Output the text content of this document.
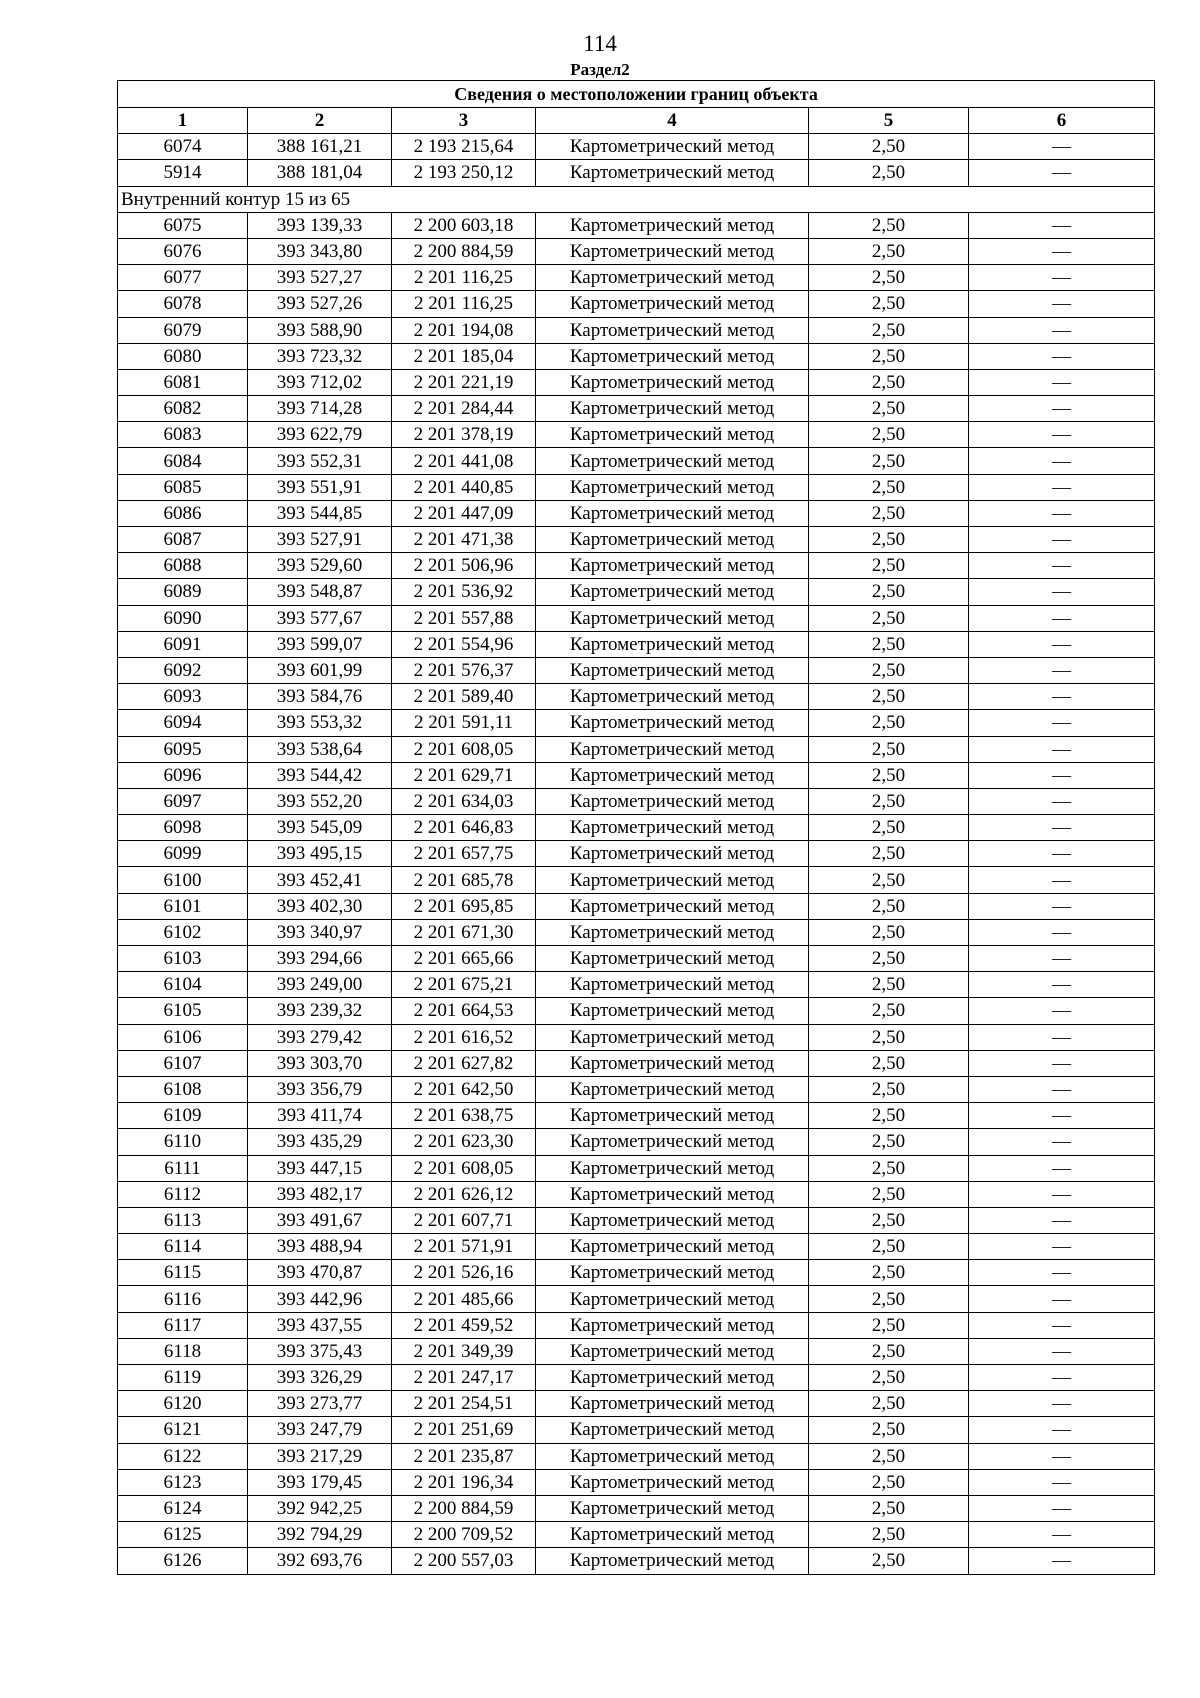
114
Раздел2
Сведения о местоположении границ объекта					
1	2	3	4	5	6
6074	388 161,21	2 193 215,64	Картометрический метод	2,50	—
5914	388 181,04	2 193 250,12	Картометрический метод	2,50	—
Внутренний контур 15 из 65					
6075	393 139,33	2 200 603,18	Картометрический метод	2,50	—
6076	393 343,80	2 200 884,59	Картометрический метод	2,50	—
6077	393 527,27	2 201 116,25	Картометрический метод	2,50	—
6078	393 527,26	2 201 116,25	Картометрический метод	2,50	—
6079	393 588,90	2 201 194,08	Картометрический метод	2,50	—
6080	393 723,32	2 201 185,04	Картометрический метод	2,50	—
6081	393 712,02	2 201 221,19	Картометрический метод	2,50	—
6082	393 714,28	2 201 284,44	Картометрический метод	2,50	—
6083	393 622,79	2 201 378,19	Картометрический метод	2,50	—
6084	393 552,31	2 201 441,08	Картометрический метод	2,50	—
6085	393 551,91	2 201 440,85	Картометрический метод	2,50	—
6086	393 544,85	2 201 447,09	Картометрический метод	2,50	—
6087	393 527,91	2 201 471,38	Картометрический метод	2,50	—
6088	393 529,60	2 201 506,96	Картометрический метод	2,50	—
6089	393 548,87	2 201 536,92	Картометрический метод	2,50	—
6090	393 577,67	2 201 557,88	Картометрический метод	2,50	—
6091	393 599,07	2 201 554,96	Картометрический метод	2,50	—
6092	393 601,99	2 201 576,37	Картометрический метод	2,50	—
6093	393 584,76	2 201 589,40	Картометрический метод	2,50	—
6094	393 553,32	2 201 591,11	Картометрический метод	2,50	—
6095	393 538,64	2 201 608,05	Картометрический метод	2,50	—
6096	393 544,42	2 201 629,71	Картометрический метод	2,50	—
6097	393 552,20	2 201 634,03	Картометрический метод	2,50	—
6098	393 545,09	2 201 646,83	Картометрический метод	2,50	—
6099	393 495,15	2 201 657,75	Картометрический метод	2,50	—
6100	393 452,41	2 201 685,78	Картометрический метод	2,50	—
6101	393 402,30	2 201 695,85	Картометрический метод	2,50	—
6102	393 340,97	2 201 671,30	Картометрический метод	2,50	—
6103	393 294,66	2 201 665,66	Картометрический метод	2,50	—
6104	393 249,00	2 201 675,21	Картометрический метод	2,50	—
6105	393 239,32	2 201 664,53	Картометрический метод	2,50	—
6106	393 279,42	2 201 616,52	Картометрический метод	2,50	—
6107	393 303,70	2 201 627,82	Картометрический метод	2,50	—
6108	393 356,79	2 201 642,50	Картометрический метод	2,50	—
6109	393 411,74	2 201 638,75	Картометрический метод	2,50	—
6110	393 435,29	2 201 623,30	Картометрический метод	2,50	—
6111	393 447,15	2 201 608,05	Картометрический метод	2,50	—
6112	393 482,17	2 201 626,12	Картометрический метод	2,50	—
6113	393 491,67	2 201 607,71	Картометрический метод	2,50	—
6114	393 488,94	2 201 571,91	Картометрический метод	2,50	—
6115	393 470,87	2 201 526,16	Картометрический метод	2,50	—
6116	393 442,96	2 201 485,66	Картометрический метод	2,50	—
6117	393 437,55	2 201 459,52	Картометрический метод	2,50	—
6118	393 375,43	2 201 349,39	Картометрический метод	2,50	—
6119	393 326,29	2 201 247,17	Картометрический метод	2,50	—
6120	393 273,77	2 201 254,51	Картометрический метод	2,50	—
6121	393 247,79	2 201 251,69	Картометрический метод	2,50	—
6122	393 217,29	2 201 235,87	Картометрический метод	2,50	—
6123	393 179,45	2 201 196,34	Картометрический метод	2,50	—
6124	392 942,25	2 200 884,59	Картометрический метод	2,50	—
6125	392 794,29	2 200 709,52	Картометрический метод	2,50	—
6126	392 693,76	2 200 557,03	Картометрический метод	2,50	—
